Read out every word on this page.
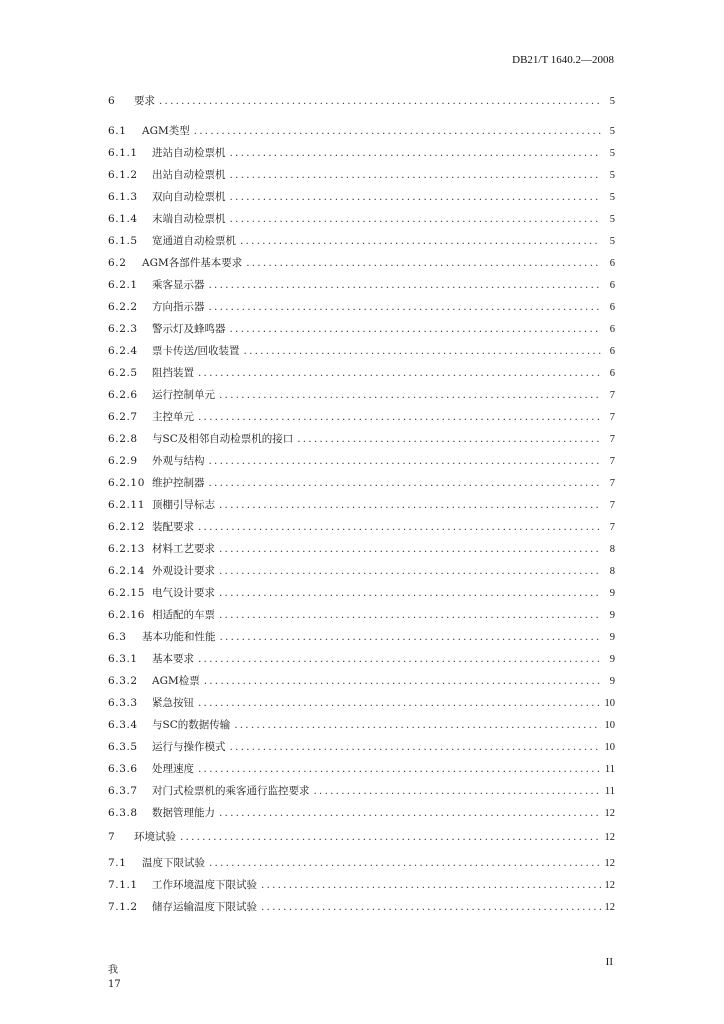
DB21/T 1640.2—2008
6	要求 .....	5
6.1	AGM类型 .....	5
6.1.1	进站自动检票机 .....	5
6.1.2	出站自动检票机 .....	5
6.1.3	双向自动检票机 .....	5
6.1.4	末端自动检票机 .....	5
6.1.5	宽通道自动检票机 .....	5
6.2	AGM各部件基本要求 .....	6
6.2.1	乘客显示器 .....	6
6.2.2	方向指示器 .....	6
6.2.3	警示灯及蜂鸣器 .....	6
6.2.4	票卡传送/回收装置 .....	6
6.2.5	阻挡装置 .....	6
6.2.6	运行控制单元 .....	7
6.2.7	主控单元 .....	7
6.2.8	与SC及相邻自动检票机的接口 .....	7
6.2.9	外观与结构 .....	7
6.2.10 维护控制器 .....	7
6.2.11 顶棚引导标志 .....	7
6.2.12 装配要求 .....	7
6.2.13 材料工艺要求 .....	8
6.2.14 外观设计要求 .....	8
6.2.15 电气设计要求 .....	9
6.2.16 相适配的车票 .....	9
6.3	基本功能和性能 .....	9
6.3.1	基本要求 .....	9
6.3.2	AGM检票 .....	9
6.3.3	紧急按钮 .....	10
6.3.4	与SC的数据传输 .....	10
6.3.5	运行与操作模式 .....	10
6.3.6	处理速度 .....	11
6.3.7	对门式检票机的乘客通行监控要求 .....	11
6.3.8	数据管理能力 .....	12
7	环境试验 .....	12
7.1	温度下限试验 .....	12
7.1.1	工作环境温度下限试验 .....	12
7.1.2	储存运输温度下限试验 .....	12
II
我
17
